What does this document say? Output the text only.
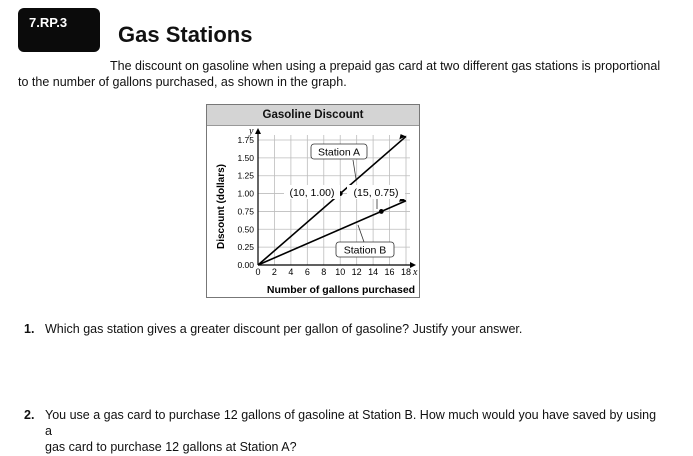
7.RP.3	Gas Stations
The discount on gasoline when using a prepaid gas card at two different gas stations is proportional
to the number of gallons purchased, as shown in the graph.
Gasoline Discount
0 2 4 6 8 10 12 14 16 18
0.00
0.25
0.50
0.75
1.00
1.25
1.50
1.75
x
y
Number of gallons purchased
Discount (dollars)
Station A
Station B
(10, 1.00) (15, 0.75)
1. Which gas station gives a greater discount per gallon of gasoline? Justify your answer.
2. You use a gas card to purchase 12 gallons of gasoline at Station B. How much would you have saved by using a
gas card to purchase 12 gallons at Station A?
